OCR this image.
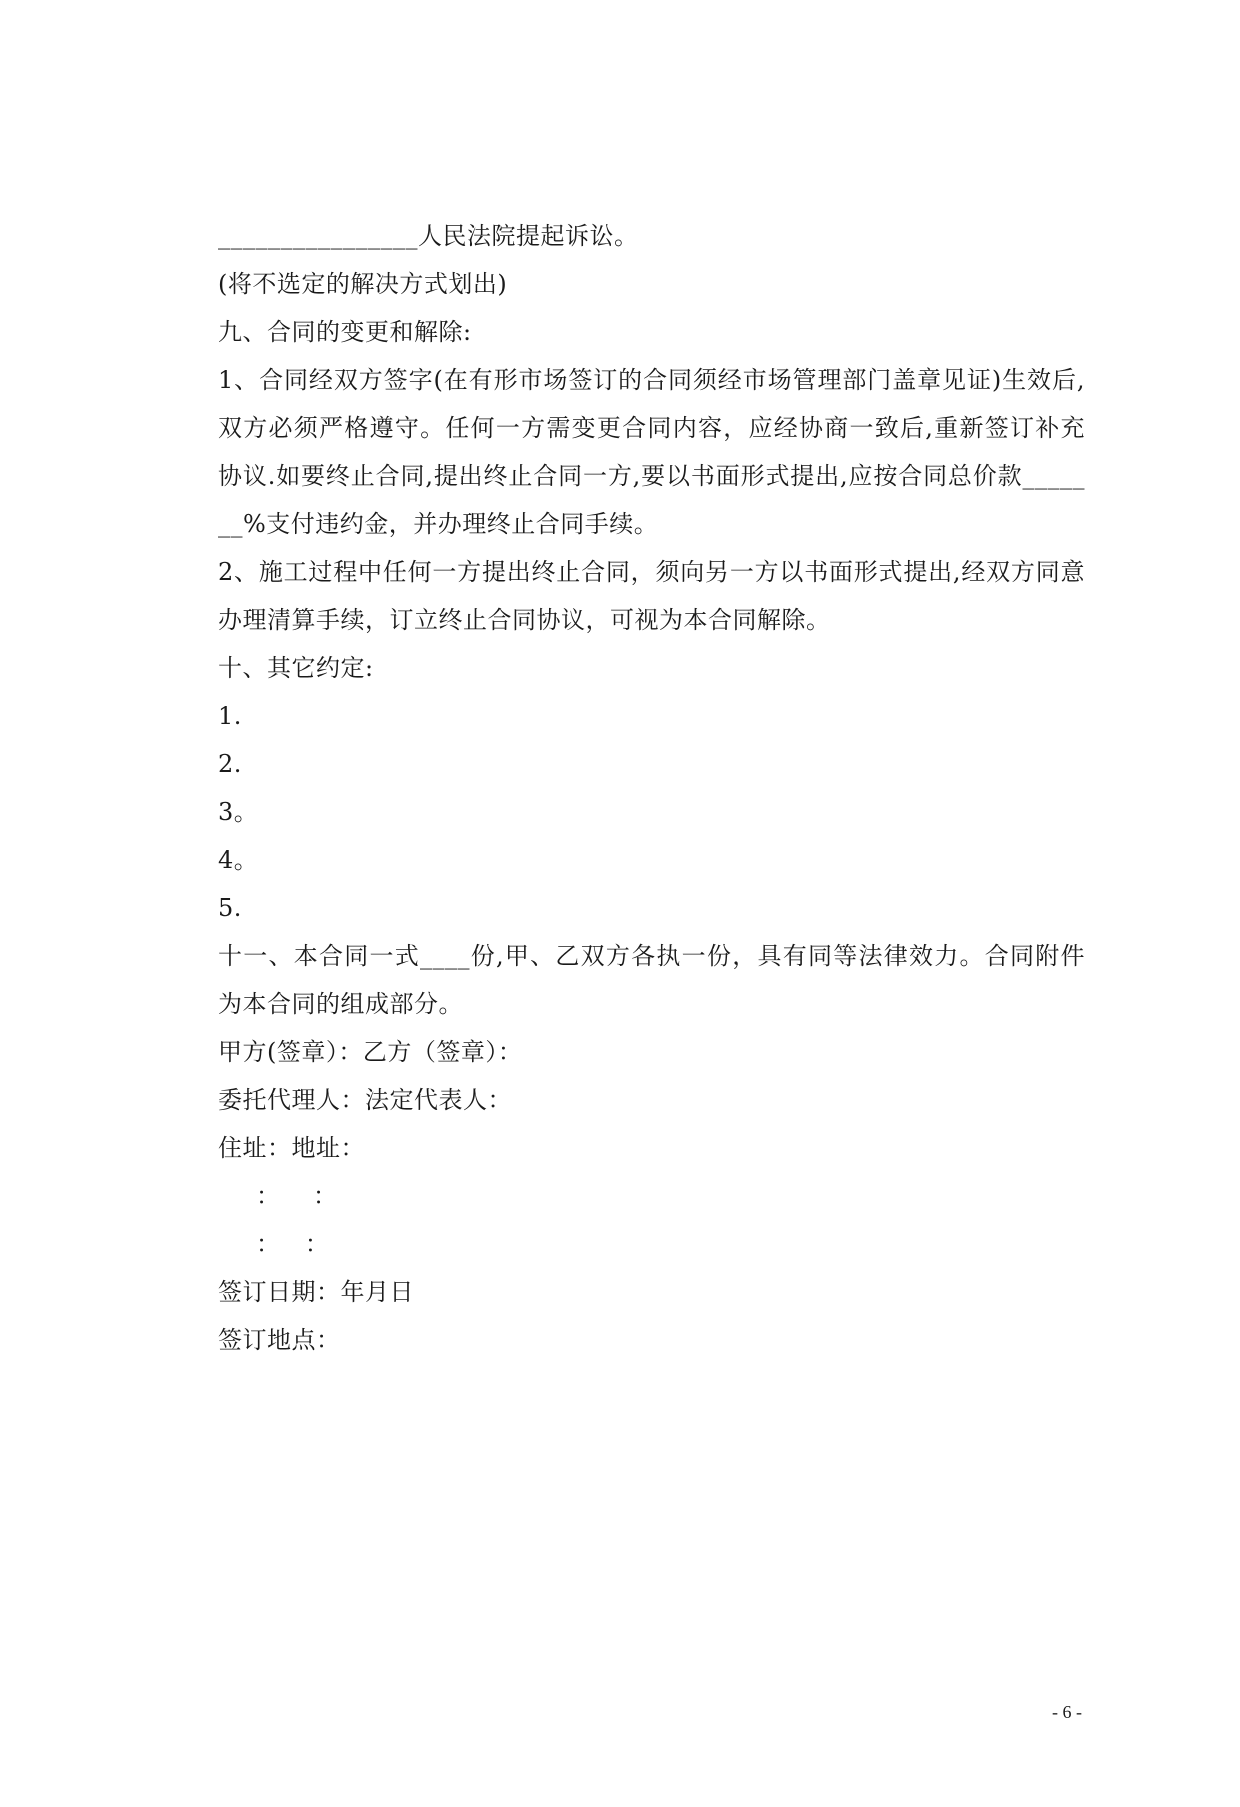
________________人民法院提起诉讼。
(将不选定的解决方式划出)
九、合同的变更和解除:
1、合同经双方签字(在有形市场签订的合同须经市场管理部门盖章见证)生效后,
双方必须严格遵守。任何一方需变更合同内容，应经协商一致后,重新签订补充
协议.如要终止合同,提出终止合同一方,要以书面形式提出,应按合同总价款_____
__%支付违约金，并办理终止合同手续。
2、施工过程中任何一方提出终止合同，须向另一方以书面形式提出,经双方同意
办理清算手续，订立终止合同协议，可视为本合同解除。
十、其它约定:
1.
2.
3。
4。
5.
十一、本合同一式____份,甲、乙双方各执一份，具有同等法律效力。合同附件
为本合同的组成部分。
甲方(签章）：乙方（签章）：
委托代理人：法定代表人：
住址：地址：
：    ：
：   ：
签订日期：年月日
签订地点：
- 6 -
